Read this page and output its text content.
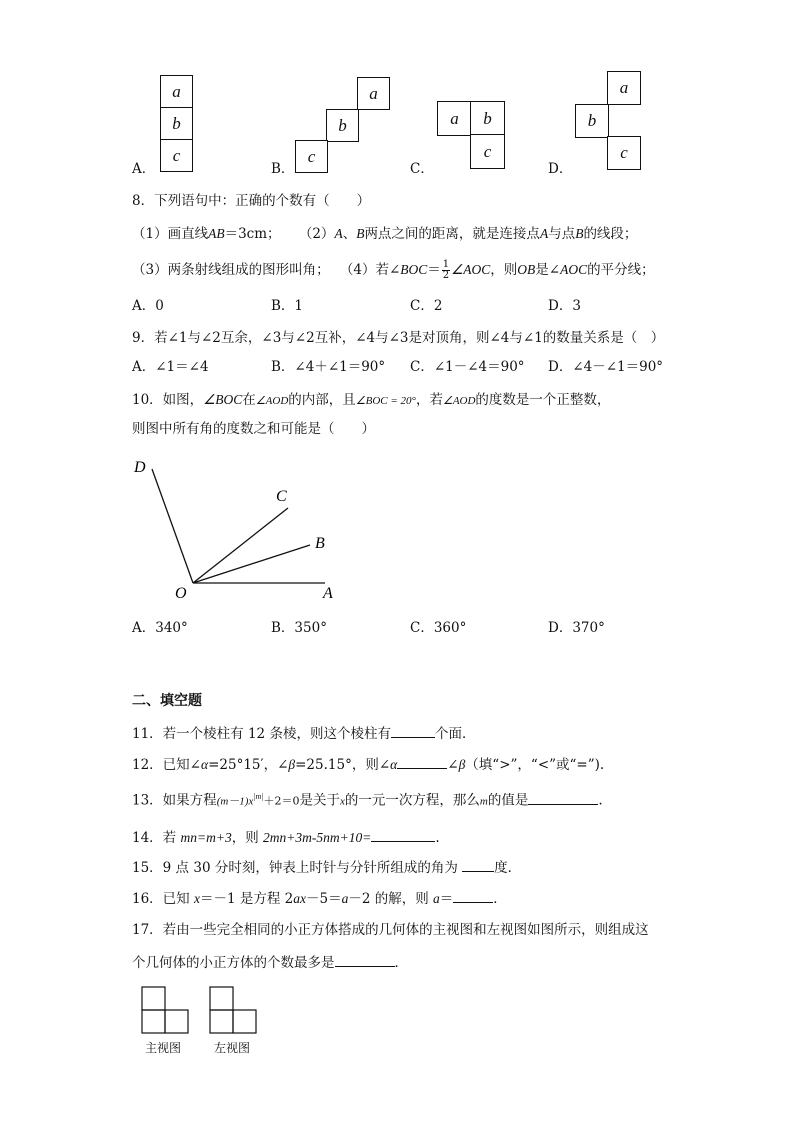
A．
a
b
c
B．
a
b
c
C．
a	b
c
D．
a
b
c
8．下列语句中：正确的个数有（　　）
（1）画直线AB＝3cm； （2）A、B两点之间的距离，就是连接点A与点B的线段；
（3）两条射线组成的图形叫角； （4）若∠BOC＝ $\frac{1}{2}$ ∠AOC，则OB是∠AOC的平分线；
A．0	B．1	C．2	D．3
9．若∠1与∠2互余，∠3与∠2互补，∠4与∠3是对顶角，则∠4与∠1的数量关系是（　）
A．∠1＝∠4	B．∠4＋∠1＝90° C．∠1－∠4＝90° D．∠4－∠1＝90°
10．如图，∠BOC在∠AOD的内部，且∠BOC = 20°，若∠AOD的度数是一个正整数，
则图中所有角的度数之和可能是（　　）
D
C
B
O	A
A．340°	B．350°	C．360°	D．370°
二、填空题
11．若一个棱柱有 12 条棱，则这个棱柱有	个面．
12．已知∠α=25°15′，∠β=25.15°，则∠α	∠β（填“>”，“<”或“=”).
13．如果方程$(m-1)x^{|m|}+2=0$是关于x的一元一次方程，那么m的值是	.
14．若 mn=m+3，则 2mn+3m-5nm+10=	.
15．9 点 30 分时刻，钟表上时针与分针所组成的角为 度．
16．已知 x＝－1 是方程 2ax－5＝a－2 的解，则 a＝	．
17．若由一些完全相同的小正方体搭成的几何体的主视图和左视图如图所示，则组成这
个几何体的小正方体的个数最多是	．
主视图	左视图
